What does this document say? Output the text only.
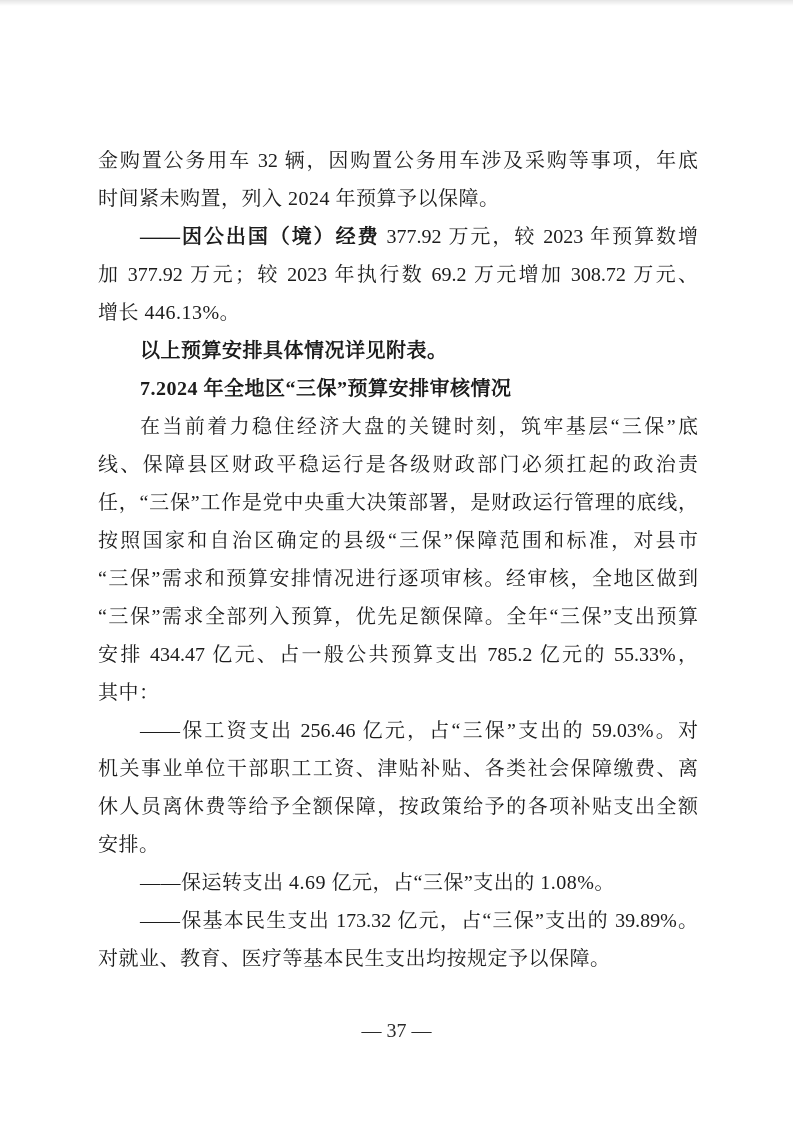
金购置公务用车 32 辆，因购置公务用车涉及采购等事项，年底
时间紧未购置，列入 2024 年预算予以保障。
——因公出国（境）经费 377.92 万元，较 2023 年预算数增
加 377.92 万元；较 2023 年执行数 69.2 万元增加 308.72 万元、
增长 446.13%。
以上预算安排具体情况详见附表。
7.2024 年全地区“三保”预算安排审核情况
在当前着力稳住经济大盘的关键时刻，筑牢基层“三保”底
线、保障县区财政平稳运行是各级财政部门必须扛起的政治责
任，“三保”工作是党中央重大决策部署，是财政运行管理的底线，
按照国家和自治区确定的县级“三保”保障范围和标准，对县市
“三保”需求和预算安排情况进行逐项审核。经审核，全地区做到
“三保”需求全部列入预算，优先足额保障。全年“三保”支出预算
安排 434.47 亿元、占一般公共预算支出 785.2 亿元的 55.33%，
其中：
——保工资支出 256.46 亿元，占“三保”支出的 59.03%。对
机关事业单位干部职工工资、津贴补贴、各类社会保障缴费、离
休人员离休费等给予全额保障，按政策给予的各项补贴支出全额
安排。
——保运转支出 4.69 亿元，占“三保”支出的 1.08%。
——保基本民生支出 173.32 亿元，占“三保”支出的 39.89%。
对就业、教育、医疗等基本民生支出均按规定予以保障。
— 37 —
